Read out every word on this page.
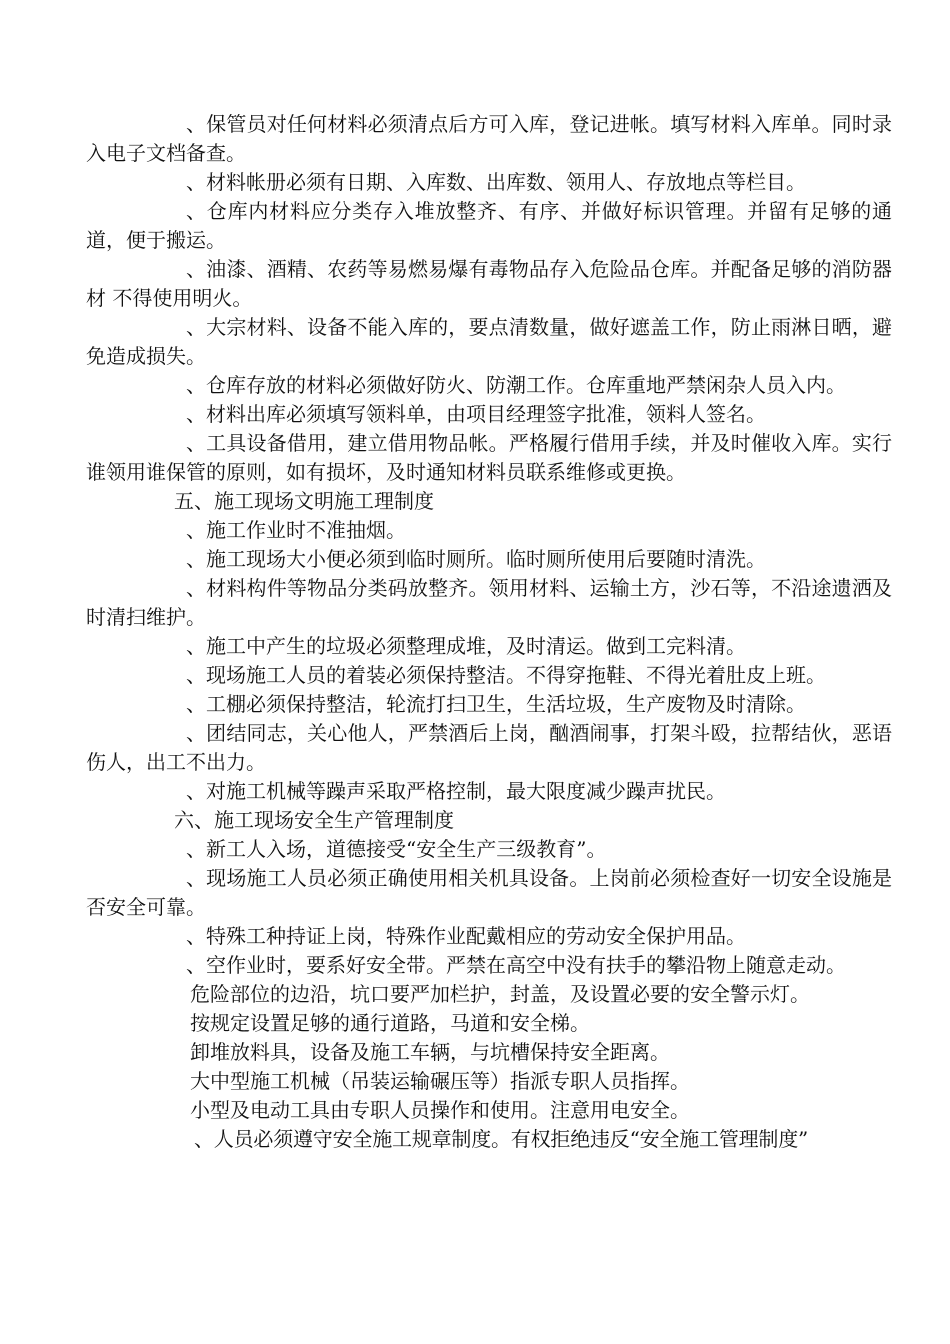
、保管员对任何材料必须清点后方可入库，登记进帐。填写材料入库单。同时录入电子文档备查。

、材料帐册必须有日期、入库数、出库数、领用人、存放地点等栏目。

、仓库内材料应分类存入堆放整齐、有序、并做好标识管理。并留有足够的通道，便于搬运。

、油漆、酒精、农药等易燃易爆有毒物品存入危险品仓库。并配备足够的消防器材 不得使用明火。

、大宗材料、设备不能入库的，要点清数量，做好遮盖工作，防止雨淋日晒，避免造成损失。

、仓库存放的材料必须做好防火、防潮工作。仓库重地严禁闲杂人员入内。

、材料出库必须填写领料单，由项目经理签字批准，领料人签名。

、工具设备借用，建立借用物品帐。严格履行借用手续，并及时催收入库。实行谁领用谁保管的原则，如有损坏，及时通知材料员联系维修或更换。

五、施工现场文明施工理制度

、施工作业时不准抽烟。

、施工现场大小便必须到临时厕所。临时厕所使用后要随时清洗。

、材料构件等物品分类码放整齐。领用材料、运输土方，沙石等，不沿途遗洒及时清扫维护。

、施工中产生的垃圾必须整理成堆，及时清运。做到工完料清。

、现场施工人员的着装必须保持整洁。不得穿拖鞋、不得光着肚皮上班。

、工棚必须保持整洁，轮流打扫卫生，生活垃圾，生产废物及时清除。

、团结同志，关心他人，严禁酒后上岗，酗酒闹事，打架斗殴，拉帮结伙，恶语伤人，出工不出力。

、对施工机械等躁声采取严格控制，最大限度减少躁声扰民。

六、施工现场安全生产管理制度

、新工人入场，道德接受“安全生产三级教育”。

、现场施工人员必须正确使用相关机具设备。上岗前必须检查好一切安全设施是否安全可靠。

、特殊工种持证上岗，特殊作业配戴相应的劳动安全保护用品。

、空作业时，要系好安全带。严禁在高空中没有扶手的攀沿物上随意走动。

危险部位的边沿，坑口要严加栏护，封盖，及设置必要的安全警示灯。

按规定设置足够的通行道路，马道和安全梯。

卸堆放料具，设备及施工车辆，与坑槽保持安全距离。

大中型施工机械（吊装运输碾压等）指派专职人员指挥。

小型及电动工具由专职人员操作和使用。注意用电安全。

、人员必须遵守安全施工规章制度。有权拒绝违反“安全施工管理制度”
